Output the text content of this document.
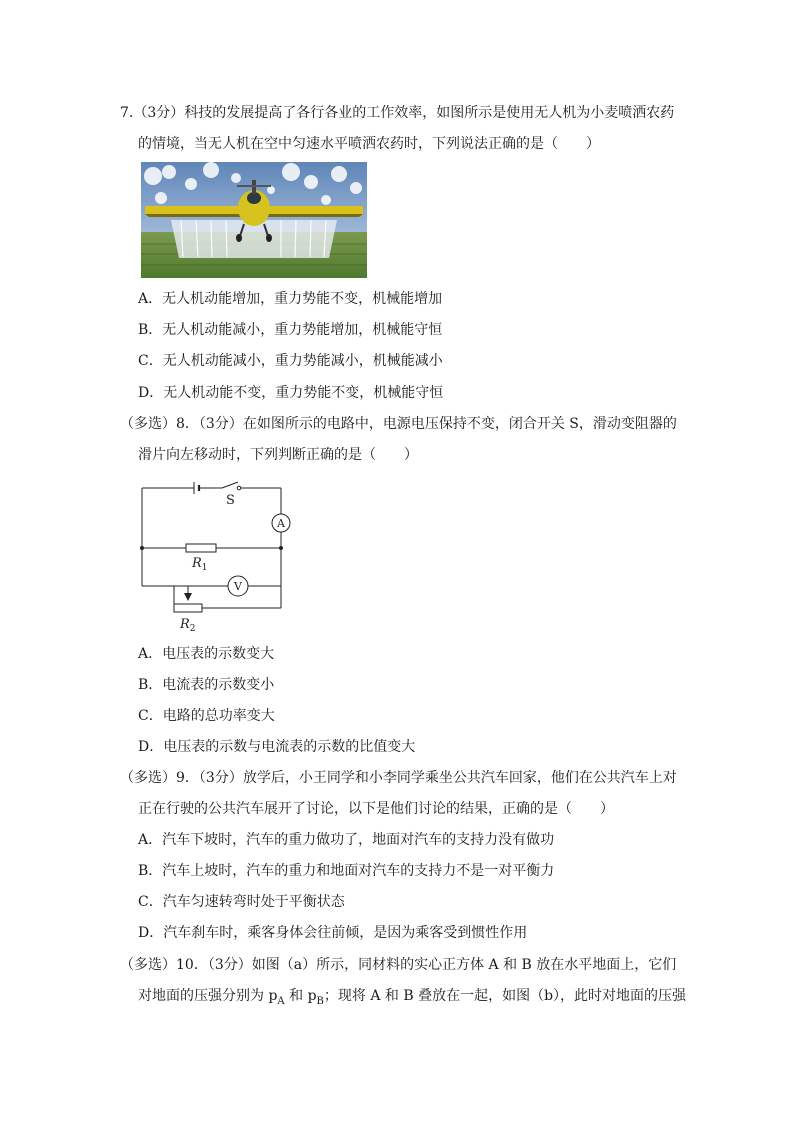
7.（3分）科技的发展提高了各行各业的工作效率，如图所示是使用无人机为小麦喷洒农药
的情境，当无人机在空中匀速水平喷洒农药时，下列说法正确的是（　　）
A．无人机动能增加，重力势能不变，机械能增加
B．无人机动能减小，重力势能增加，机械能守恒
C．无人机动能减小，重力势能减小，机械能减小
D．无人机动能不变，重力势能不变，机械能守恒
（多选）8．（3分）在如图所示的电路中，电源电压保持不变，闭合开关 S，滑动变阻器的
滑片向左移动时，下列判断正确的是（　　）
A
V
S
$R_1$
$R_2$
A．电压表的示数变大
B．电流表的示数变小
C．电路的总功率变大
D．电压表的示数与电流表的示数的比值变大
（多选）9．（3分）放学后，小王同学和小李同学乘坐公共汽车回家，他们在公共汽车上对
正在行驶的公共汽车展开了讨论，以下是他们讨论的结果，正确的是（　　）
A．汽车下坡时，汽车的重力做功了，地面对汽车的支持力没有做功
B．汽车上坡时，汽车的重力和地面对汽车的支持力不是一对平衡力
C．汽车匀速转弯时处于平衡状态
D．汽车刹车时，乘客身体会往前倾，是因为乘客受到惯性作用
（多选）10．（3分）如图（a）所示，同材料的实心正方体 A 和 B 放在水平地面上，它们
对地面的压强分别为 $p_A$ 和 $p_B$；现将 A 和 B 叠放在一起，如图（b），此时对地面的压强
